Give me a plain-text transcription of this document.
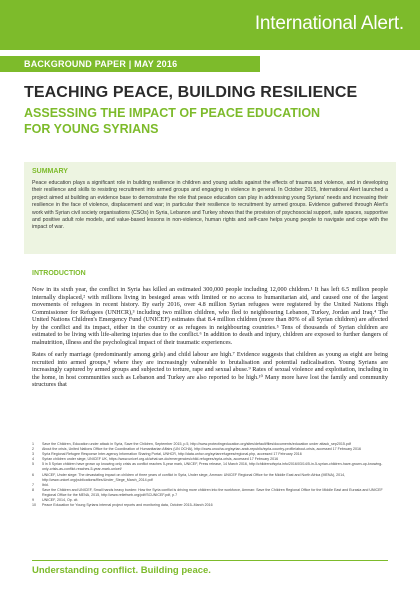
International Alert.
BACKGROUND PAPER | MAY 2016
TEACHING PEACE, BUILDING RESILIENCE
ASSESSING THE IMPACT OF PEACE EDUCATION
FOR YOUNG SYRIANS
SUMMARY

Peace education plays a significant role in building resilience in children and young adults against the effects of trauma and violence, and in developing their resilience and skills to resisting recruitment into armed groups and engaging in violence in general. In October 2015, International Alert launched a project aimed at building an evidence base to demonstrate the role that peace education can play in addressing young Syrians' needs and increasing their resilience in the face of violence, displacement and war; in particular their resilience to recruitment by armed groups. Evidence gathered through Alert's work with Syrian civil society organisations (CSOs) in Syria, Lebanon and Turkey shows that the provision of psychosocial support, safe spaces, supportive and positive adult role models, and value-based lessons in non-violence, human rights and self-care helps young people to navigate and cope with the impact of war.

INTRODUCTION

Now in its sixth year, the conflict in Syria has killed an estimated 300,000 people including 12,000 children.¹ It has left 6.5 million people internally displaced,² with millions living in besieged areas with limited or no access to humanitarian aid, and caused one of the largest movements of refugees in recent history. By early 2016, over 4.8 million Syrian refugees were registered by the United Nations High Commissioner for Refugees (UNHCR),³ including two million children, who fled to neighbouring Lebanon, Turkey, Jordan and Iraq.⁴ The United Nations Children's Emergency Fund (UNICEF) estimates that 8.4 million children (more than 80% of all Syrian children) are affected by the conflict and its impact, either in the country or as refugees in neighbouring countries.⁵ Tens of thousands of Syrian children are estimated to be living with life-altering injuries due to the conflict.⁶ In addition to death and injury, children are exposed to further dangers of malnutrition, illness and the psychological impact of their traumatic experiences.

Rates of early marriage (predominantly among girls) and child labour are high.⁷ Evidence suggests that children as young as eight are being recruited into armed groups,⁸ where they are increasingly vulnerable to brutalisation and potential radicalisation. Young Syrians are increasingly captured by armed groups and subjected to torture, rape and sexual abuse.⁹ Rates of sexual violence and exploitation, including in the home, in host communities such as Lebanon and Turkey are also reported to be high.¹⁰ Many more have lost the family and community structures that

1	Save the Children, Education under attack in Syria, Save the Children, September 2015, p.5, http://www.protectingeducation.org/sites/default/files/documents/education under attack_sep2015.pdf
2	About the crisis, United Nations Office for the Coordination of Humanitarian Affairs (UN OCHA), http://www.unocha.org/syrian-arab-republic/syria-country-profile/about-crisis, accessed 17 February 2016
3	Syria Regional Refugee Response Inter-agency Information Sharing Portal, UNHCR, http://data.unhcr.org/syrianrefugees/regional.php, accessed 17 February 2016
4	Syrian children under siege, UNICEF UK, https://www.unicef.org.uk/what-we-do/emergencies/child-refugees/syria-crisis, accessed 17 February 2016
5	5 in 5 Syrian children have grown up knowing only crisis as conflict reaches 5-year mark, UNICEF, Press release, 14 March 2016, http://childrenofsyria.info/2016/03/14/5-in-5-syrian-children-have-grown-up-knowing-only-crisis-as-conflict-reaches-5-year-mark-unicef/
6	UNICEF, Under siege: The devastating impact on children of three years of conflict in Syria, Under siege, Amman: UNICEF Regional Office for the Middle East and North Africa (MENA), 2014, http://www.unicef.org/publications/files/Under_Siege_March_2014.pdf
7	Ibid.
8	Save the Children and UNICEF, Small hands heavy burden: How the Syria conflict is driving more children into the workforce, Amman: Save the Children Regional Office for the Middle East and Eurasia and UNICEF Regional Office for the MENA, 2015, http://www.reliefweb.org/pdf/SCUNICEF.pdf, p.7
9	UNICEF, 2014, Op. cit.
10	Peace Education for Young Syrians internal project reports and monitoring data, October 2015–March 2016
Understanding conflict. Building peace.
